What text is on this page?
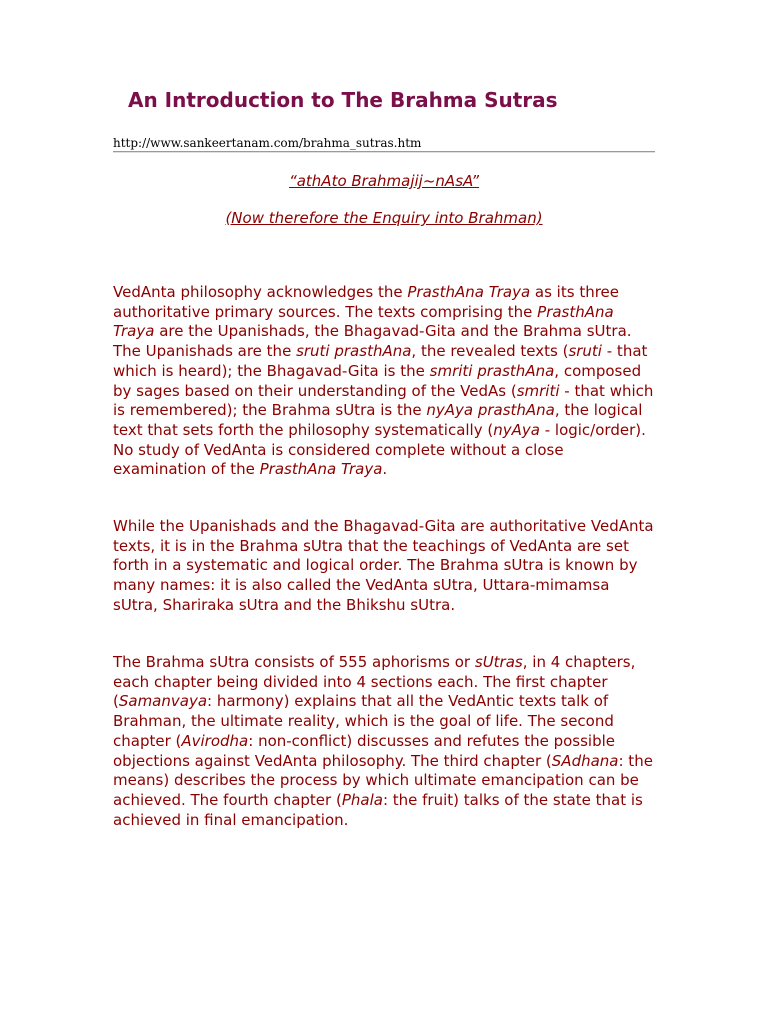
An Introduction to The Brahma Sutras
http://www.sankeertanam.com/brahma_sutras.htm
“athAto Brahmajij~nAsA”
(Now therefore the Enquiry into Brahman)
VedAnta philosophy acknowledges the PrasthAna Traya as its three authoritative primary sources. The texts comprising the PrasthAna Traya are the Upanishads, the Bhagavad-Gita and the Brahma sUtra. The Upanishads are the sruti prasthAna, the revealed texts (sruti - that which is heard); the Bhagavad-Gita is the smriti prasthAna, composed by sages based on their understanding of the VedAs (smriti - that which is remembered); the Brahma sUtra is the nyAya prasthAna, the logical text that sets forth the philosophy systematically (nyAya - logic/order). No study of VedAnta is considered complete without a close examination of the PrasthAna Traya.
While the Upanishads and the Bhagavad-Gita are authoritative VedAnta texts, it is in the Brahma sUtra that the teachings of VedAnta are set forth in a systematic and logical order. The Brahma sUtra is known by many names: it is also called the VedAnta sUtra, Uttara-mimamsa sUtra, Shariraka sUtra and the Bhikshu sUtra.
The Brahma sUtra consists of 555 aphorisms or sUtras, in 4 chapters, each chapter being divided into 4 sections each. The first chapter (Samanvaya: harmony) explains that all the VedAntic texts talk of Brahman, the ultimate reality, which is the goal of life. The second chapter (Avirodha: non-conflict) discusses and refutes the possible objections against VedAnta philosophy. The third chapter (SAdhana: the means) describes the process by which ultimate emancipation can be achieved. The fourth chapter (Phala: the fruit) talks of the state that is achieved in final emancipation.
